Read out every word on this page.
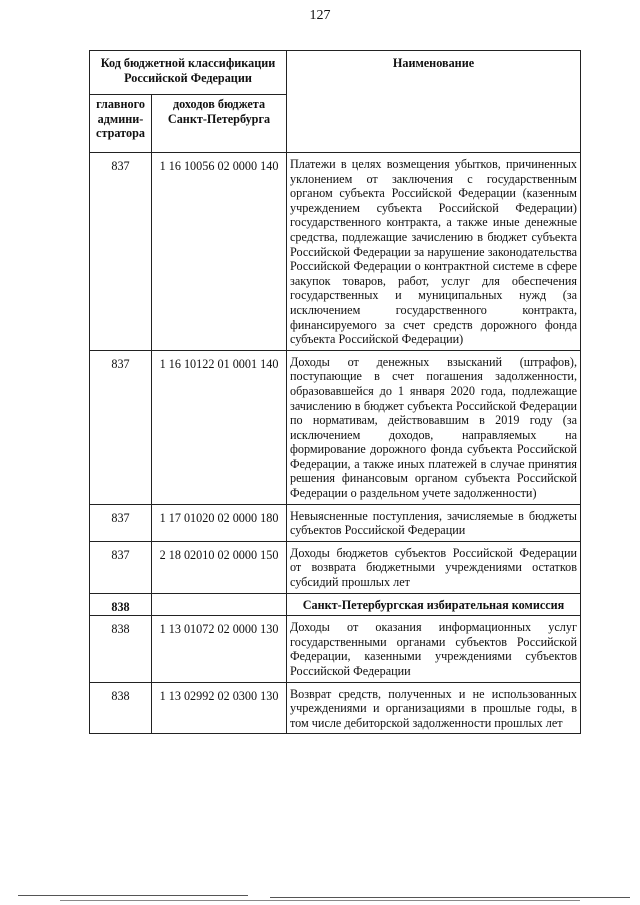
127
Код бюджетной классификации Российской Федерации		Наименование
главного админи-стратора	доходов бюджета Санкт-Петербурга	
837	1 16 10056 02 0000 140	Платежи в целях возмещения убытков, причиненных уклонением от заключения с государственным органом субъекта Российской Федерации (казенным учреждением субъекта Российской Федерации) государственного контракта, а также иные денежные средства, подлежащие зачислению в бюджет субъекта Российской Федерации за нарушение законодательства Российской Федерации о контрактной системе в сфере закупок товаров, работ, услуг для обеспечения государственных и муниципальных нужд (за исключением государственного контракта, финансируемого за счет средств дорожного фонда субъекта Российской Федерации)
837	1 16 10122 01 0001 140	Доходы от денежных взысканий (штрафов), поступающие в счет погашения задолженности, образовавшейся до 1 января 2020 года, подлежащие зачислению в бюджет субъекта Российской Федерации по нормативам, действовавшим в 2019 году (за исключением доходов, направляемых на формирование дорожного фонда субъекта Российской Федерации, а также иных платежей в случае принятия решения финансовым органом субъекта Российской Федерации о раздельном учете задолженности)
837	1 17 01020 02 0000 180	Невыясненные поступления, зачисляемые в бюджеты субъектов Российской Федерации
837	2 18 02010 02 0000 150	Доходы бюджетов субъектов Российской Федерации от возврата бюджетными учреждениями остатков субсидий прошлых лет
838		Санкт-Петербургская избирательная комиссия
838	1 13 01072 02 0000 130	Доходы от оказания информационных услуг государственными органами субъектов Российской Федерации, казенными учреждениями субъектов Российской Федерации
838	1 13 02992 02 0300 130	Возврат средств, полученных и не использованных учреждениями и организациями в прошлые годы, в том числе дебиторской задолженности прошлых лет
